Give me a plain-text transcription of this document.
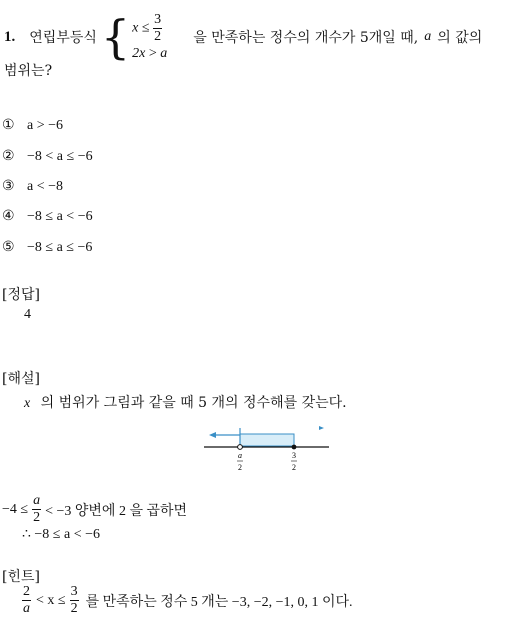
1. 연립부등식 { $x \le \frac{3}{2}$
2x > a
을 만족하는 정수의 개수가 5개일 때, a 의 값의
범위는?
① a > −6
② −8 < a ≤ −6
③ a < −8
④ −8 ≤ a < −6
⑤ −8 ≤ a ≤ −6
[정답]
4
[해설]
x 의 범위가 그림과 같을 때 5 개의 정수해를 갖는다.
a
2
3
2
$-4 \le \frac{a}{2} < -3$ 양변에 2 을 곱하면
∴ −8 ≤ a < −6
[힌트]
$\frac{2}{a} < x \le \frac{3}{2}$ 를 만족하는 정수 5 개는 −3, −2, −1, 0, 1 이다.
